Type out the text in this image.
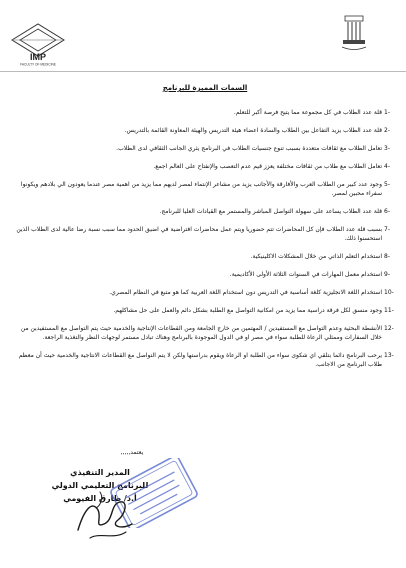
IMP
FACULTY OF MEDICINE
السمات المميزة للبرنامج
1-
قلة عدد الطلاب في كل مجموعة مما يتيح فرصة أكبر للتعلم.
2-
قلة عدد الطلاب يزيد التفاعل بين الطلاب والسادة اعضاء هيئة التدريس والهيئة المعاونة القائمة بالتدريس.
3-
تعامل الطلاب مع ثقافات متعددة بسبب تنوع جنسيات الطلاب في البرنامج يثري الجانب الثقافي لدى الطلاب.
4-
تعامل الطلاب مع طلاب من ثقافات مختلفة يعزز قيم عدم التعصب والإنفتاح على العالم اجمع.
5-
وجود عدد كبير من الطلاب العرب والأفارقة والأجانب يزيد من مشاعر الإنتماء لمصر لديهم مما يزيد من اهمية مصر عندما يعودون الي بلادهم ويكونوا سفراء محبين لمصر.
6-
قلة عدد الطلاب يساعد على سهولة التواصل المباشر والمستمر مع القيادات العليا للبرنامج.
7-
بسبب قلة عدد الطلاب فإن كل المحاضرات تتم حضوريا ويتم عمل محاضرات افتراضية في اضيق الحدود مما سبب نسبة رضا عالية لدى الطلاب الذين استحسنوا ذلك.
8-
استخدام التعلم الذاتي من خلال المشكلات الاكلينيكية.
9-
استخدام معمل المهارات في السنوات الثلاثة الأولى الأكاديمية.
10-
استخدام اللغة الانجليزية كلغة أساسية في التدريس دون استخدام اللغة العربية كما هو متبع في النظام المصري.
11-
وجود منسق لكل فرقة دراسية مما يزيد من امكانية التواصل مع الطلبة بشكل دائم والعمل على حل مشاكلهم.
12-
الأنشطة البحثية وعدم التواصل مع المستفيدين / المهتمين من خارج الجامعة ومن القطاعات الإنتاجية والخدمية حيث يتم التواصل مع المستفيدين من خلال السفارات وممثلي الرعاة للطلبة سواء في مصر او في الدول الموجودة بالبرنامج وهناك تبادل مستمر لوجهات النظر والتغذية الراجعة.
13-
يرحب البرنامج دائما بتلقي اي شكوى سواء من الطلبة او الرعاة ويقوم بدراستها ولكن لا يتم التواصل مع القطاعات الانتاجية والخدمية حيث أن معظم طلاب البرنامج من الاجانب.
يعتمد,,,,,
المدير التنفيذي
للبرنامج التعليمي الدولي
أ.د/ طارق الفيومي
